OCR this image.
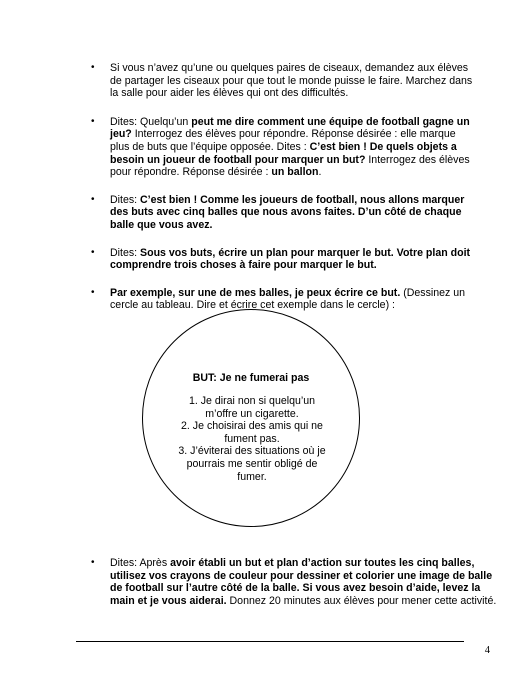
• Si vous n’avez qu’une ou quelques paires de ciseaux, demandez aux élèves de partager les ciseaux pour que tout le monde puisse le faire. Marchez dans la salle pour aider les élèves qui ont des difficultés.
• Dites: Quelqu’un peut me dire comment une équipe de football gagne un jeu? Interrogez des élèves pour répondre. Réponse désirée : elle marque plus de buts que l’équipe opposée. Dites : C’est bien ! De quels objets a besoin un joueur de football pour marquer un but? Interrogez des élèves pour répondre. Réponse désirée : un ballon.
• Dites: C’est bien ! Comme les joueurs de football, nous allons marquer des buts avec cinq balles que nous avons faites. D’un côté de chaque balle que vous avez.
• Dites: Sous vos buts, écrire un plan pour marquer le but. Votre plan doit comprendre trois choses à faire pour marquer le but.
• Par exemple, sur une de mes balles, je peux écrire ce but. (Dessinez un cercle au tableau. Dire et écrire cet exemple dans le cercle) :
BUT: Je ne fumerai pas
1. Je dirai non si quelqu’un m’offre un cigarette.
2. Je choisirai des amis qui ne fument pas.
3. J’éviterai des situations où je pourrais me sentir obligé de fumer.
• Dites: Après avoir établi un but et plan d’action sur toutes les cinq balles, utilisez vos crayons de couleur pour dessiner et colorier une image de balle de football sur l’autre côté de la balle. Si vous avez besoin d’aide, levez la main et je vous aiderai. Donnez 20 minutes aux élèves pour mener cette activité.
4
